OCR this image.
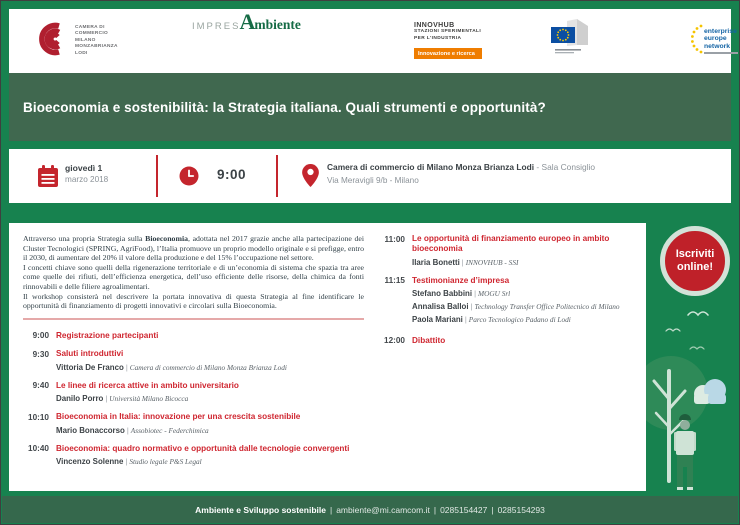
CAMERA DI
COMMERCIO
MILANO
MONZABRIANZA
LODI
IMPRES A mbiente	INNOVHUB
STAZIONI SPERIMENTALI
PER L'INDUSTRIA
Innovazione e ricerca
enterprise
europe
network
Bioeconomia e sostenibilità: la Strategia italiana. Quali strumenti e opportunità?
giovedì 1
marzo 2018	9:00	Camera di commercio di Milano Monza Brianza Lodi - Sala Consiglio
Via Meravigli 9/b - Milano

Attraverso una propria Strategia sulla Bioeconomia, adottata nel 2017 grazie anche alla partecipazione dei Cluster Tecnologici (SPRING, AgriFood), l’Italia promuove un proprio modello originale e si prefigge, entro il 2030, di aumentare del 20% il valore della produzione e del 15% l’occupazione nel settore.

I concetti chiave sono quelli della rigenerazione territoriale e di un’economia di sistema che spazia tra aree come quelle dei rifiuti, dell’efficienza energetica, dell’uso efficiente delle risorse, della chimica da fonti rinnovabili e delle filiere agroalimentari.

Il workshop consisterà nel descrivere la portata innovativa di questa Strategia al fine identificare le opportunità di finanziamento di progetti innovativi e circolari sulla Bioeconomia.

9:00 Registrazione partecipanti
9:30 Saluti introduttivi
Vittoria De Franco | Camera di commercio di Milano Monza Brianza Lodi
9:40 Le linee di ricerca attive in ambito universitario
Danilo Porro | Università Milano Bicocca
10:10 Bioeconomia in Italia: innovazione per una crescita sostenibile
Mario Bonaccorso | Assobiotec - Federchimica
10:40 Bioeconomia: quadro normativo e opportunità dalle tecnologie convergenti
Vincenzo Solenne | Studio legale P&S Legal
11:00 Le opportunità di finanziamento europeo in ambito bioeconomia
Ilaria Bonetti | INNOVHUB - SSI
11:15 Testimonianze d’impresa
Stefano Babbini | MOGU Srl
Annalisa Balloi | Technology Transfer Office Politecnico di Milano
Paola Mariani | Parco Tecnologico Padano di Lodi
12:00 Dibattito
Iscriviti
online!
Ambiente e Sviluppo sostenibile | ambiente@mi.camcom.it | 0285154427 | 0285154293
